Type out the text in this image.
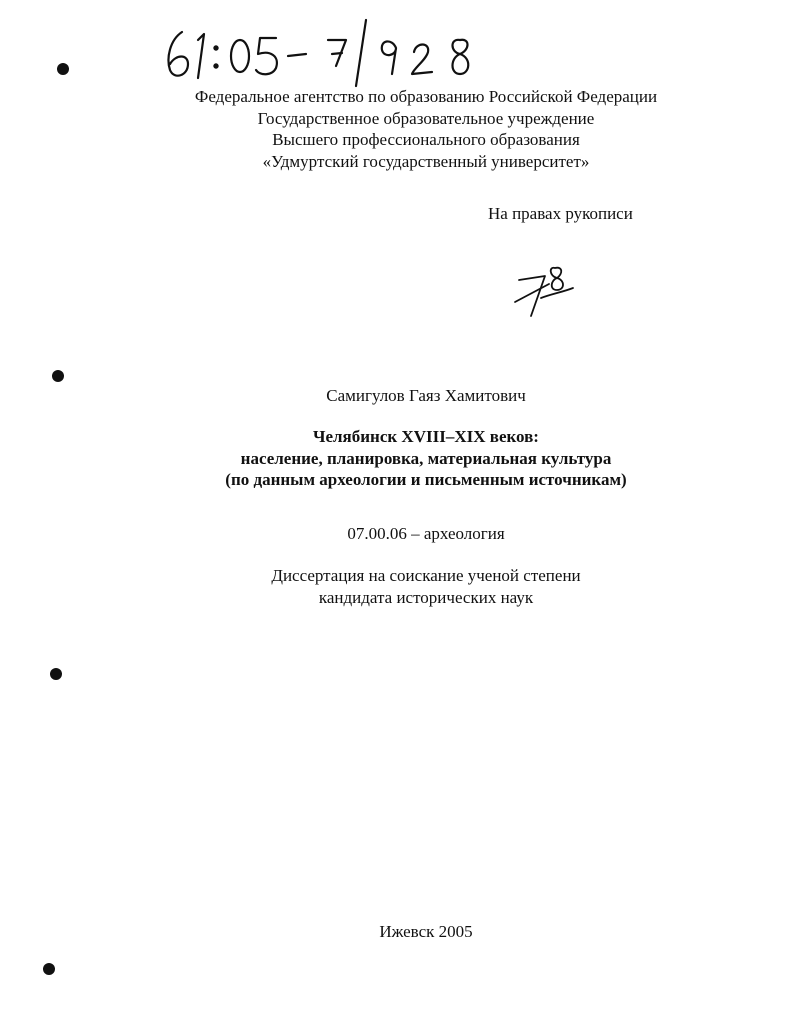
Федеральное агентство по образованию Российской Федерации
Государственное образовательное учреждение
Высшего профессионального образования
«Удмуртский государственный университет»
На правах рукописи
Самигулов Гаяз Хамитович
Челябинск XVIII–XIX веков:
население, планировка, материальная культура
(по данным археологии и письменным источникам)
07.00.06 – археология
Диссертация на соискание ученой степени
кандидата исторических наук
Ижевск 2005
